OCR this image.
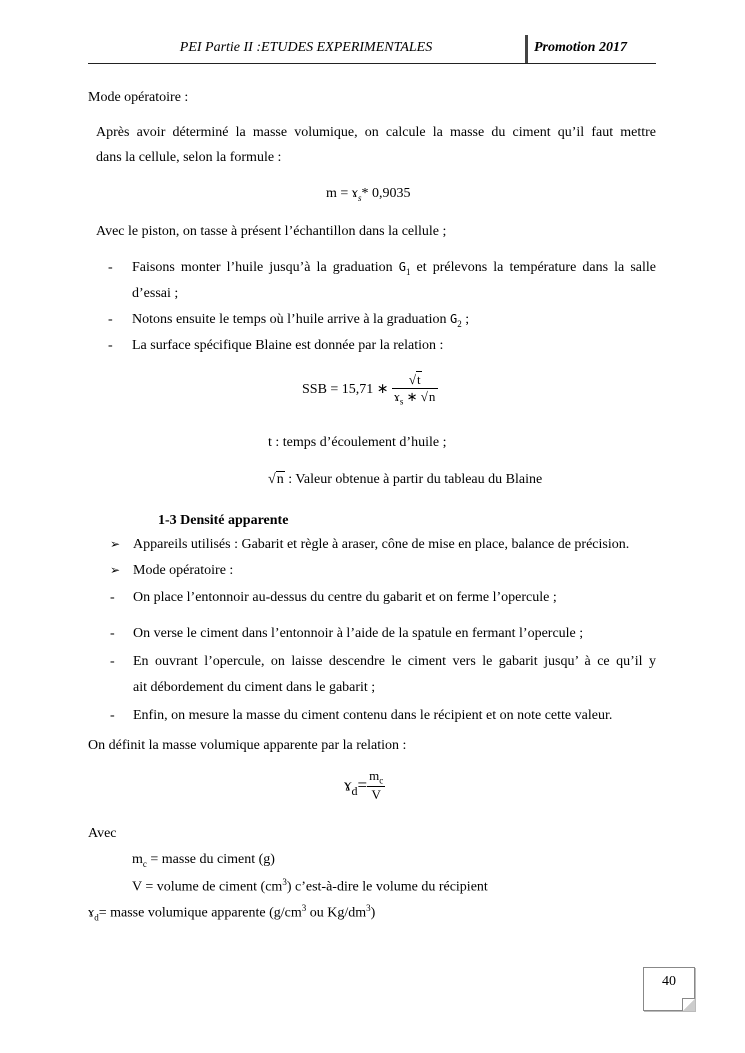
PEI Partie II :ETUDES EXPERIMENTALES	Promotion 2017
Mode opératoire :
Après avoir déterminé la masse volumique, on calcule la masse du ciment qu’il faut mettre
dans la cellule, selon la formule :
m = ɤ$_s$* 0,9035
Avec le piston, on tasse à présent l’échantillon dans la cellule ;
- Faisons monter l’huile jusqu’à la graduation $G_1$ et prélevons la température dans la salle
d’essai ;
- Notons ensuite le temps où l’huile arrive à la graduation $G_2$ ;
- La surface spécifique Blaine est donnée par la relation :
SSB = 15,71 ∗ $\frac{√t}{ɤ_s ∗ √n}$
t : temps d’écoulement d’huile ;
√n : Valeur obtenue à partir du tableau du Blaine
1-3 Densité apparente
➢ Appareils utilisés : Gabarit et règle à araser, cône de mise en place, balance de précision.
➢ Mode opératoire :
- On place l’entonnoir au-dessus du centre du gabarit et on ferme l’opercule ;
- On verse le ciment dans l’entonnoir à l’aide de la spatule en fermant l’opercule ;
- En ouvrant l’opercule, on laisse descendre le ciment vers le gabarit jusqu’ à ce qu’il y
ait débordement du ciment dans le gabarit ;
- Enfin, on mesure la masse du ciment contenu dans le récipient et on note cette valeur.
On définit la masse volumique apparente par la relation :
ɤ$_d$= $\frac{m_c}{V}$
Avec
$m_c$ = masse du ciment (g)
V = volume de ciment $(cm^3)$ c’est-à-dire le volume du récipient
ɤ$_d$= masse volumique apparente ($g/cm^3$ ou $Kg/dm^3$)
40
